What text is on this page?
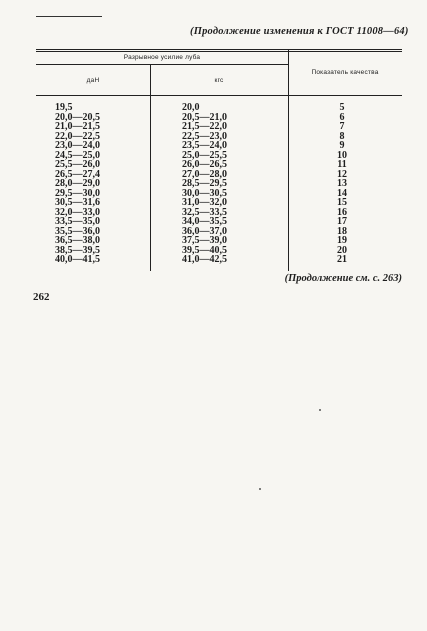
(Продолжение изменения к ГОСТ 11008—64)
Разрывное усилие луба
даН	кгс
Показатель качества
19,5	20,0	5
20,0—20,5	20,5—21,0	6
21,0—21,5	21,5—22,0	7
22,0—22,5	22,5—23,0	8
23,0—24,0	23,5—24,0	9
24,5—25,0	25,0—25,5	10
25,5—26,0	26,0—26,5	11
26,5—27,4	27,0—28,0	12
28,0—29,0	28,5—29,5	13
29,5—30,0	30,0—30,5	14
30,5—31,6	31,0—32,0	15
32,0—33,0	32,5—33,5	16
33,5—35,0	34,0—35,5	17
35,5—36,0	36,0—37,0	18
36,5—38,0	37,5—39,0	19
38,5—39,5	39,5—40,5	20
40,0—41,5	41,0—42,5	21
(Продолжение см. с. 263)
262
